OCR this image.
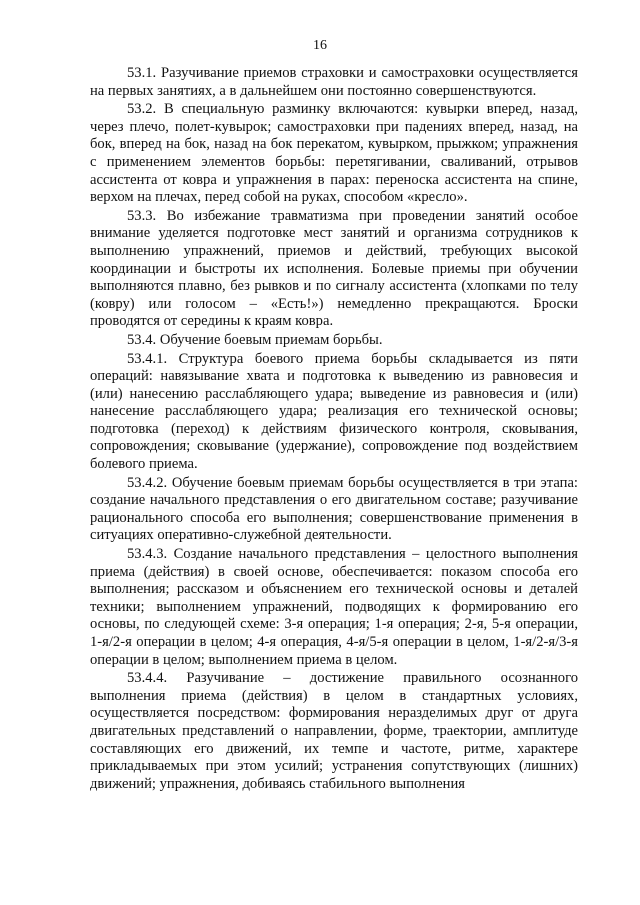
16

53.1. Разучивание приемов страховки и самостраховки осуществляется на первых занятиях, а в дальнейшем они постоянно совершенствуются.

53.2. В специальную разминку включаются: кувырки вперед, назад, через плечо, полет-кувырок; самостраховки при падениях вперед, назад, на бок, вперед на бок, назад на бок перекатом, кувырком, прыжком; упражнения с применением элементов борьбы: перетягивании, сваливаний, отрывов ассистента от ковра и упражнения в парах: переноска ассистента на спине, верхом на плечах, перед собой на руках, способом «кресло».

53.3. Во избежание травматизма при проведении занятий особое внимание уделяется подготовке мест занятий и организма сотрудников к выполнению упражнений, приемов и действий, требующих высокой координации и быстроты их исполнения. Болевые приемы при обучении выполняются плавно, без рывков и по сигналу ассистента (хлопками по телу (ковру) или голосом – «Есть!») немедленно прекращаются. Броски проводятся от середины к краям ковра.

53.4. Обучение боевым приемам борьбы.

53.4.1. Структура боевого приема борьбы складывается из пяти операций: навязывание хвата и подготовка к выведению из равновесия и (или) нанесению расслабляющего удара; выведение из равновесия и (или) нанесение расслабляющего удара; реализация его технической основы; подготовка (переход) к действиям физического контроля, сковывания, сопровождения; сковывание (удержание), сопровождение под воздействием болевого приема.

53.4.2. Обучение боевым приемам борьбы осуществляется в три этапа: создание начального представления о его двигательном составе; разучивание рационального способа его выполнения; совершенствование применения в ситуациях оперативно-служебной деятельности.

53.4.3. Создание начального представления – целостного выполнения приема (действия) в своей основе, обеспечивается: показом способа его выполнения; рассказом и объяснением его технической основы и деталей техники; выполнением упражнений, подводящих к формированию его основы, по следующей схеме: 3-я операция; 1-я операция; 2-я, 5-я операции, 1-я/2-я операции в целом; 4-я операция, 4-я/5-я операции в целом, 1-я/2-я/3-я операции в целом; выполнением приема в целом.

53.4.4. Разучивание – достижение правильного осознанного выполнения приема (действия) в целом в стандартных условиях, осуществляется посредством: формирования неразделимых друг от друга двигательных представлений о направлении, форме, траектории, амплитуде составляющих его движений, их темпе и частоте, ритме, характере прикладываемых при этом усилий; устранения сопутствующих (лишних) движений; упражнения, добиваясь стабильного выполнения
